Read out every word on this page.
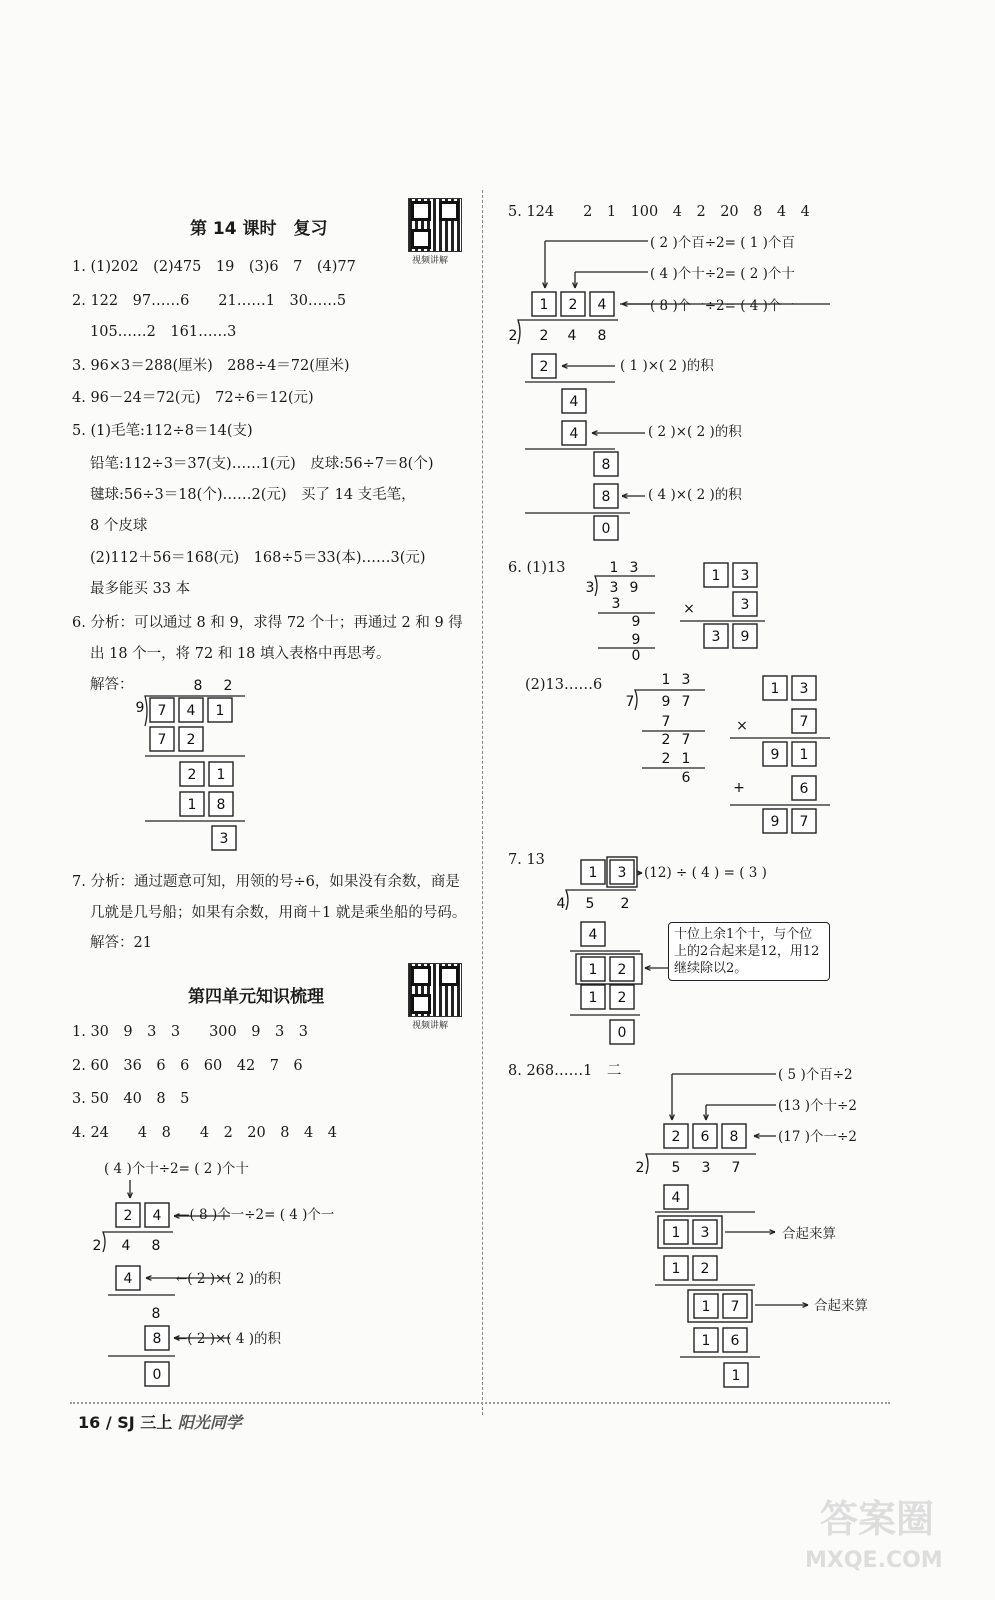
第 14 课时　复习
视频讲解
1. (1)202　(2)475　19　(3)6　7　(4)77
2. 122　97……6　　21……1　30……5
105……2　161……3
3. 96×3＝288(厘米)　288÷4＝72(厘米)
4. 96－24＝72(元)　72÷6＝12(元)
5. (1)毛笔:112÷8＝14(支)
铅笔:112÷3＝37(支)……1(元)　皮球:56÷7＝8(个)
毽球:56÷3＝18(个)……2(元)　买了 14 支毛笔，
8 个皮球
(2)112＋56＝168(元)　168÷5＝33(本)……3(元)
最多能买 33 本
6. 分析：可以通过 8 和 9，求得 72 个十；再通过 2 和 9 得
出 18 个一，将 72 和 18 填入表格中再思考。
解答：
7. 分析：通过题意可知，用领的号÷6，如果没有余数，商是
几就是几号船；如果有余数，用商＋1 就是乘坐船的号码。
解答：21
第四单元知识梳理
视频讲解
1. 30　9　3　3　　300　9　3　3
2. 60　36　6　6　60　42　7　6
3. 50　40　8　5
4. 24　　4　8　　4　2　20　8　4　4
( 4 )个十÷2= ( 2 )个十
—( 8 )个一÷2= ( 4 )个一
←( 2 )×( 2 )的积
←( 2 )×( 4 )的积
5. 124　　2　1　100　4　2　20　8　4　4
( 2 )个百÷2= ( 1 )个百
( 4 )个十÷2= ( 2 )个十
( 8 )个一÷2= ( 4 )个一
( 1 )×( 2 )的积
( 2 )×( 2 )的积
( 4 )×( 2 )的积
6. (1)13
(2)13……6
7. 13
(12) ÷ ( 4 ) = ( 3 )
十位上余1个十，与个位上的2合起来是12，用12继续除以2。
8. 268……1　二	( 5 )个百÷2
(13 )个十÷2
(17 )个一÷2
合起来算
合起来算
16 / SJ 三上 阳光同学
答案圈
MXQE.COM
8 2
9 7 4 1
7 2
2 1
1 8
3
2 4
2 4 8
4
8
8
0
1 2 4
2 2 4 8
2
4
4
8
8
0
1 3
3 3 9
3
9
9
0
1 3
×	3
3 9
1 3
7 9 7
7
2 7
2 1
6
1 3
×	7
9 1
+	6
9 7
1 3
4 5 2
4
1 2
1 2
0
2 6 8
2 5 3 7
4
1 3
1 2
1 7
1 6
1
